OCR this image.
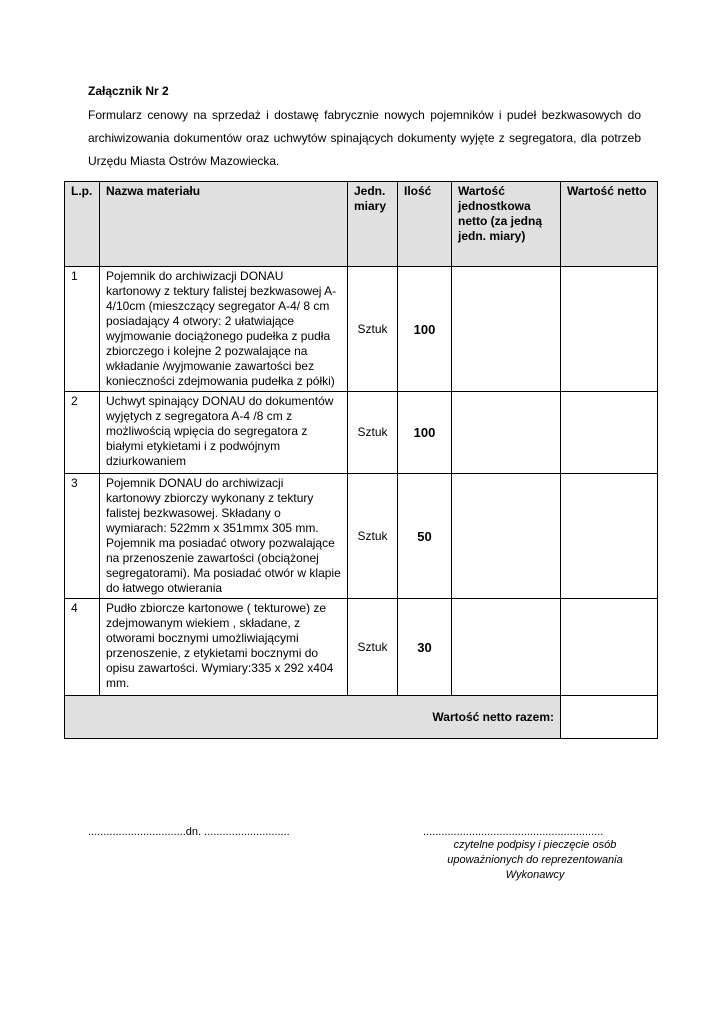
Załącznik Nr 2
Formularz cenowy na sprzedaż i dostawę fabrycznie nowych pojemników i pudeł bezkwasowych do archiwizowania dokumentów oraz uchwytów spinających dokumenty wyjęte z segregatora, dla potrzeb Urzędu Miasta Ostrów Mazowiecka.
L.p.	Nazwa materiału	Jedn. miary	Ilość	Wartość jednostkowa netto (za jedną jedn. miary)	Wartość netto
1	Pojemnik do archiwizacji DONAU kartonowy z tektury falistej bezkwasowej A-4/10cm (mieszczący segregator A-4/ 8 cm posiadający 4 otwory: 2 ułatwiające wyjmowanie dociążonego pudełka z pudła zbiorczego i kolejne 2 pozwalające na wkładanie /wyjmowanie zawartości bez konieczności zdejmowania pudełka z półki)	Sztuk	100		
2	Uchwyt spinający DONAU do dokumentów wyjętych z segregatora A-4 /8 cm z możliwością wpięcia do segregatora z białymi etykietami i z podwójnym dziurkowaniem	Sztuk	100		
3	Pojemnik DONAU do archiwizacji kartonowy zbiorczy wykonany z tektury falistej bezkwasowej. Składany o wymiarach: 522mm x 351mmx 305 mm. Pojemnik ma posiadać otwory pozwalające na przenoszenie zawartości (obciążonej segregatorami). Ma posiadać otwór w klapie do łatwego otwierania	Sztuk	50		
4	Pudło zbiorcze kartonowe ( tekturowe) ze zdejmowanym wiekiem , składane, z otworami bocznymi umożliwiającymi przenoszenie, z etykietami bocznymi do opisu zawartości. Wymiary:335 x 292 x404 mm.	Sztuk	30		
Wartość netto razem:					
................................dn. ............................	...........................................................
czytelne podpisy i pieczęcie osób upoważnionych do reprezentowania Wykonawcy
